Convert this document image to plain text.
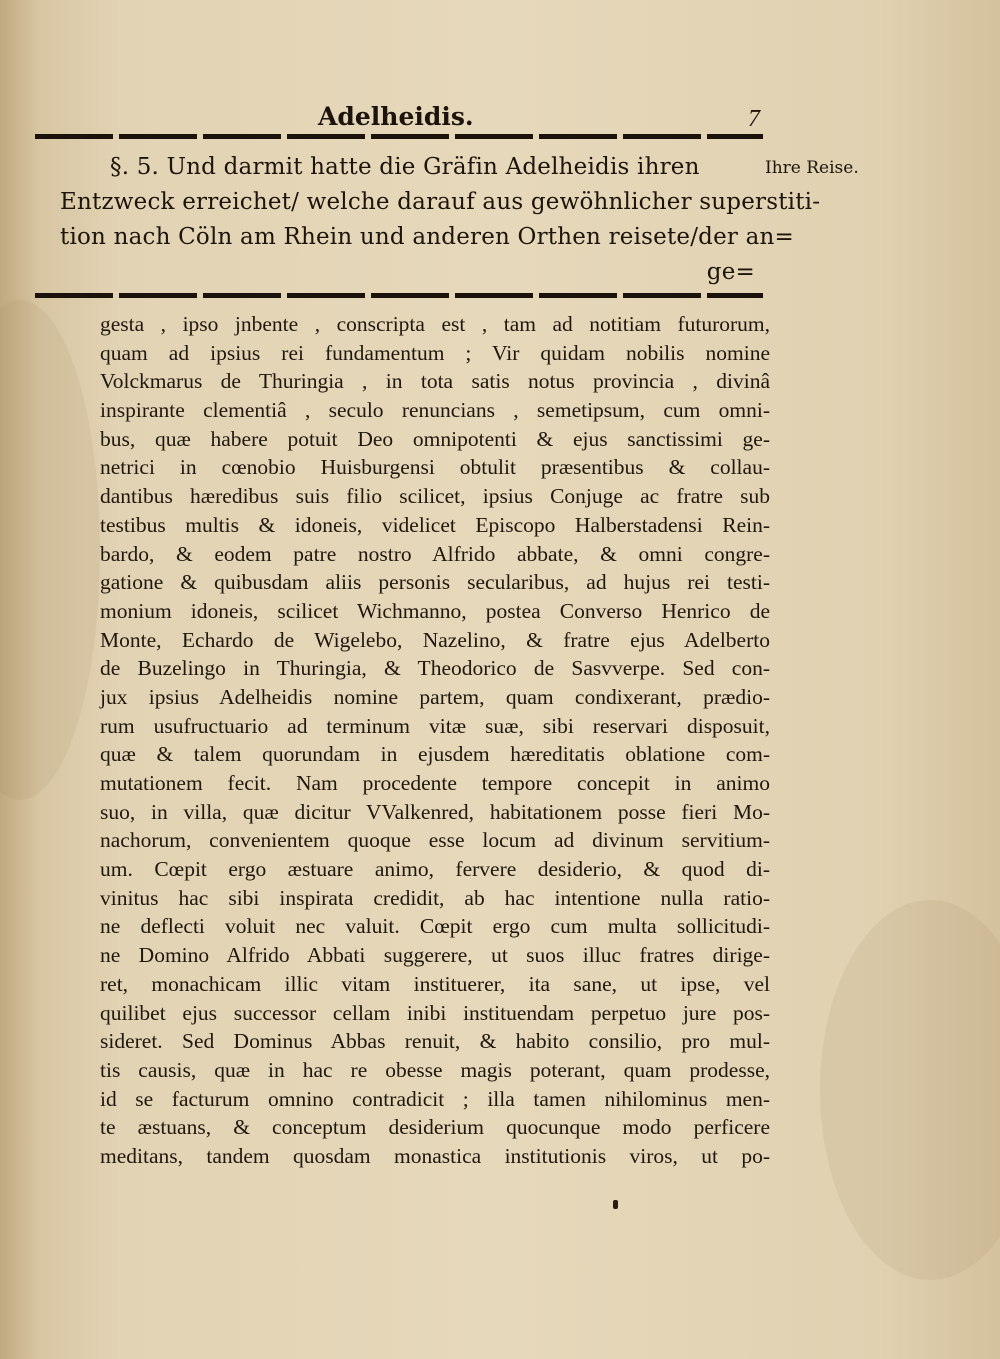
Adelheidis.	7
§. 5. Und darmit hatte die Gräfin Adelheidis ihren
Entzweck erreichet/ welche darauf aus gewöhnlicher superstiti-
tion nach Cöln am Rhein und anderen Orthen reisete/der an=
ge=
Ihre Reise.
gesta , ipso jnbente , conscripta est , tam ad notitiam futurorum,
quam ad ipsius rei fundamentum ; Vir quidam nobilis nomine
Volckmarus de Thuringia , in tota satis notus provincia , divinâ
inspirante clementiâ , seculo renuncians , semetipsum, cum omni-
bus, quæ habere potuit Deo omnipotenti & ejus sanctissimi ge-
netrici in cœnobio Huisburgensi obtulit præsentibus & collau-
dantibus hæredibus suis filio scilicet, ipsius Conjuge ac fratre sub
testibus multis & idoneis, videlicet Episcopo Halberstadensi Rein-
bardo, & eodem patre nostro Alfrido abbate, & omni congre-
gatione & quibusdam aliis personis secularibus, ad hujus rei testi-
monium idoneis, scilicet Wichmanno, postea Converso Henrico de
Monte, Echardo de Wigelebo, Nazelino, & fratre ejus Adelberto
de Buzelingo in Thuringia, & Theodorico de Sasvverpe. Sed con-
jux ipsius Adelheidis nomine partem, quam condixerant, prædio-
rum usufructuario ad terminum vitæ suæ, sibi reservari disposuit,
quæ & talem quorundam in ejusdem hæreditatis oblatione com-
mutationem fecit. Nam procedente tempore concepit in animo
suo, in villa, quæ dicitur VValkenred, habitationem posse fieri Mo-
nachorum, convenientem quoque esse locum ad divinum servitium-
um. Cœpit ergo æstuare animo, fervere desiderio, & quod di-
vinitus hac sibi inspirata credidit, ab hac intentione nulla ratio-
ne deflecti voluit nec valuit. Cœpit ergo cum multa sollicitudi-
ne Domino Alfrido Abbati suggerere, ut suos illuc fratres dirige-
ret, monachicam illic vitam instituerer, ita sane, ut ipse, vel
quilibet ejus successor cellam inibi instituendam perpetuo jure pos-
sideret. Sed Dominus Abbas renuit, & habito consilio, pro mul-
tis causis, quæ in hac re obesse magis poterant, quam prodesse,
id se facturum omnino contradicit ; illa tamen nihilominus men-
te æstuans, & conceptum desiderium quocunque modo perficere
meditans, tandem quosdam monastica institutionis viros, ut po-
